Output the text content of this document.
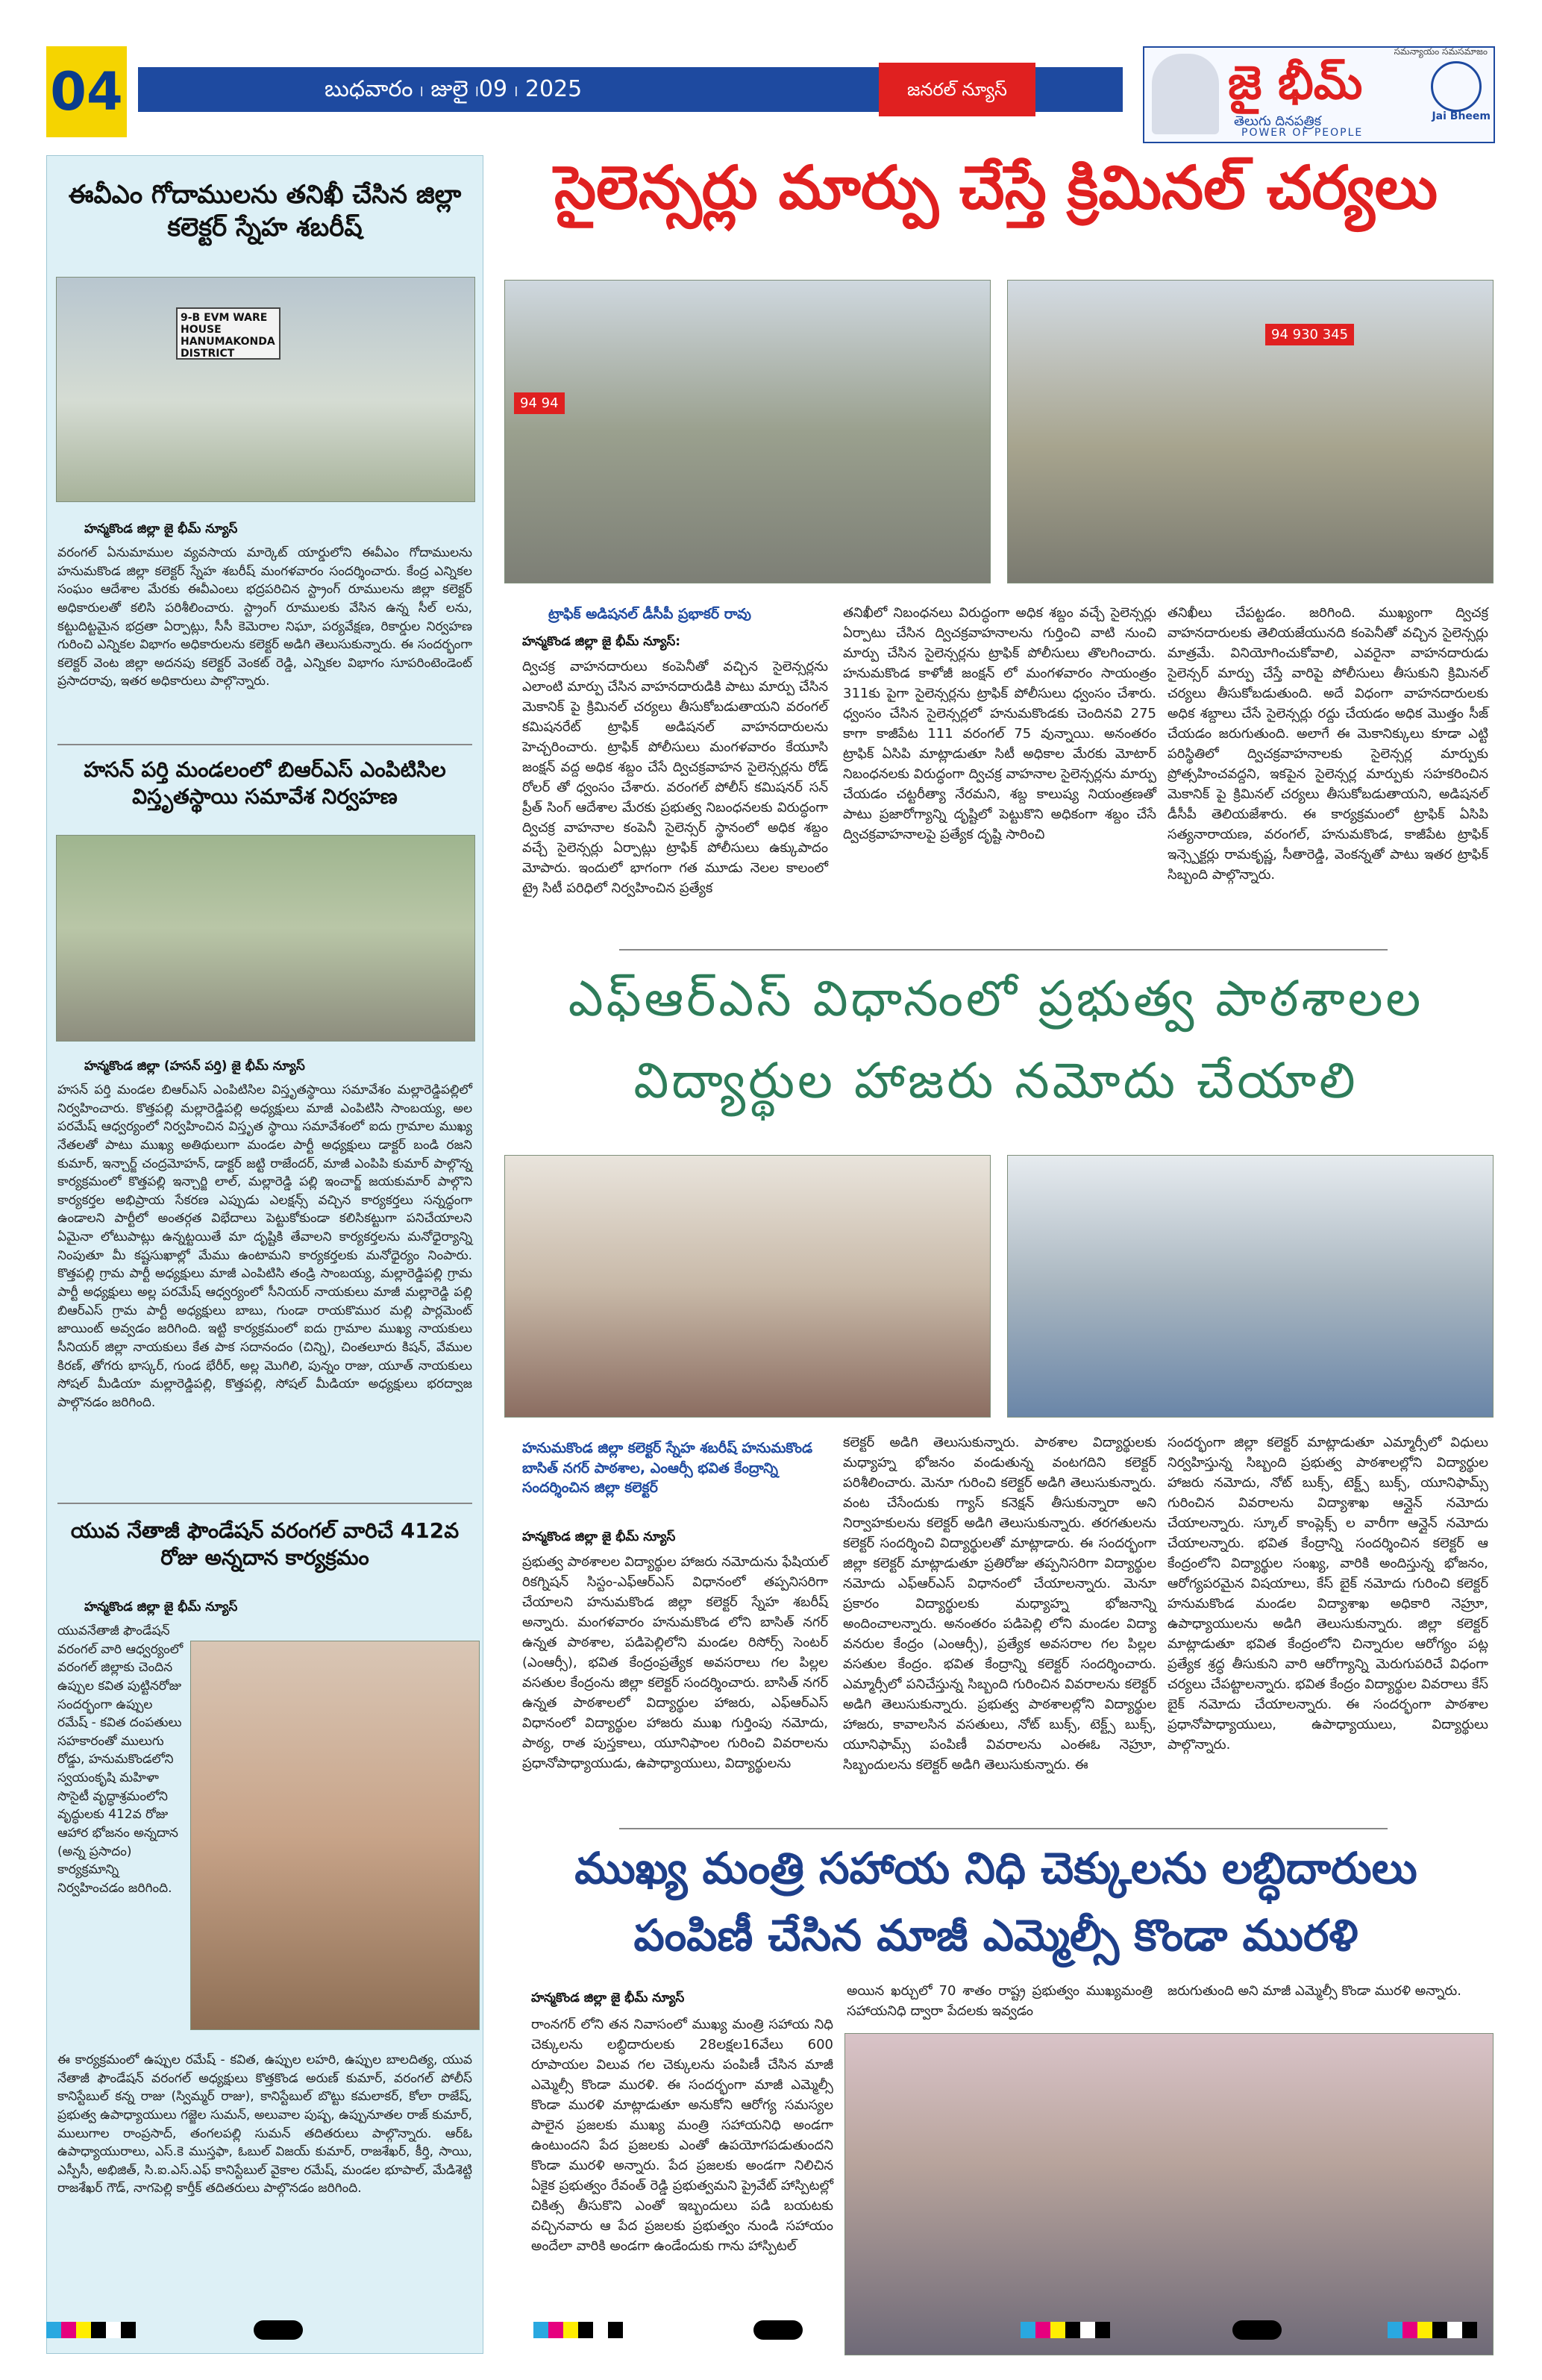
04	బుధవారం ၊ జులై ၊09 ၊ 2025	జనరల్ న్యూస్
సమన్యాయం సమసమాజం
జై భీమ్
తెలుగు దినపత్రిక
POWER OF PEOPLE
Jai Bheem
ఈవీఎం గోదాములను తనిఖీ చేసిన జిల్లా కలెక్టర్ స్నేహ శబరీష్
9-B EVM WARE HOUSE HANUMAKONDA DISTRICT
హన్మకొండ జిల్లా జై భీమ్ న్యూస్
వరంగల్ ఏనుమాముల వ్యవసాయ మార్కెట్ యార్డులోని ఈవీఎం గోదాములను హనుమకొండ జిల్లా కలెక్టర్ స్నేహ శబరీష్ మంగళవారం సందర్శించారు. కేంద్ర ఎన్నికల సంఘం ఆదేశాల మేరకు ఈవీఎంలు భద్రపరిచిన స్ట్రాంగ్ రూములను జిల్లా కలెక్టర్ అధికారులతో కలిసి పరిశీలించారు. స్ట్రాంగ్ రూములకు వేసిన ఉన్న సీల్ లను, కట్టుదిట్టమైన భద్రతా ఏర్పాట్లు, సీసీ కెమెరాల నిఘా, పర్యవేక్షణ, రికార్డుల నిర్వహణ గురించి ఎన్నికల విభాగం అధికారులను కలెక్టర్ అడిగి తెలుసుకున్నారు. ఈ సందర్భంగా కలెక్టర్ వెంట జిల్లా అదనపు కలెక్టర్ వెంకట్ రెడ్డి, ఎన్నికల విభాగం సూపరింటెండెంట్ ప్రసాదరావు, ఇతర అధికారులు పాల్గొన్నారు.
హసన్ పర్తి మండలంలో బిఆర్ఎస్ ఎంపిటిసిల విస్తృతస్థాయి సమావేశ నిర్వహణ
హన్మకొండ జిల్లా (హసన్ పర్తి) జై భీమ్ న్యూస్
హసన్ పర్తి మండల బిఆర్ఎస్ ఎంపిటిసిల విస్తృతస్థాయి సమావేశం మల్లారెడ్డిపల్లిలో నిర్వహించారు. కొత్తపల్లి మల్లారెడ్డిపల్లి అధ్యక్షులు మాజీ ఎంపిటిసి సాంబయ్య, అల పరమేష్ ఆధ్వర్యంలో నిర్వహించిన విస్తృత స్థాయి సమావేశంలో ఐదు గ్రామాల ముఖ్య నేతలతో పాటు ముఖ్య అతిథులుగా మండల పార్టీ అధ్యక్షులు డాక్టర్ బండి రజని కుమార్, ఇన్చార్జ్ చంద్రమోహన్, డాక్టర్ జట్టి రాజేందర్, మాజీ ఎంపిపి కుమార్ పాల్గొన్న కార్యక్రమంలో కొత్తపల్లి ఇన్చార్జి లాల్, మల్లారెడ్డి పల్లి ఇంచార్జ్ జయకుమార్ పాల్గొని కార్యకర్తల అభిప్రాయ సేకరణ ఎప్పుడు ఎలక్షన్స్ వచ్చిన కార్యకర్తలు సన్నద్ధంగా ఉండాలని పార్టీలో అంతర్గత విభేదాలు పెట్టుకోకుండా కలిసికట్టుగా పనిచేయాలని ఏమైనా లోటుపాట్లు ఉన్నట్టయితే మా దృష్టికి తేవాలని కార్యకర్తలను మనోధైర్యాన్ని నింపుతూ మీ కష్టసుఖాల్లో మేము ఉంటామని కార్యకర్తలకు మనోధైర్యం నింపారు. కొత్తపల్లి గ్రామ పార్టీ అధ్యక్షులు మాజీ ఎంపిటిసి తండ్రి సాంబయ్య, మల్లారెడ్డిపల్లి గ్రామ పార్టీ అధ్యక్షులు అల్ల పరమేష్ ఆధ్వర్యంలో సీనియర్ నాయకులు మాజీ మల్లారెడ్డి పల్లి బిఆర్ఎస్ గ్రామ పార్టీ అధ్యక్షులు బాబు, గుండా రాయకొముర మల్లి పార్లమెంట్ జాయింట్ అవ్వడం జరిగింది. ఇట్టి కార్యక్రమంలో ఐదు గ్రామాల ముఖ్య నాయకులు సీనియర్ జిల్లా నాయకులు కేత పాక సదానందం (చిన్ని), చింతలూరు కిషన్, వేముల కిరణ్, తోగరు భాస్కర్, గుండ భేరీర్, అల్ల మొగిలి, పున్నం రాజు, యూత్ నాయకులు సోషల్ మీడియా మల్లారెడ్డిపల్లి, కొత్తపల్లి, సోషల్ మీడియా అధ్యక్షులు భరద్వాజ పాల్గొనడం జరిగింది.
యువ నేతాజీ ఫౌండేషన్ వరంగల్ వారిచే 412వ రోజు అన్నదాన కార్యక్రమం
హన్మకొండ జిల్లా జై భీమ్ న్యూస్
యువనేతాజీ ఫౌండేషన్ వరంగల్ వారి ఆధ్వర్యంలో వరంగల్ జిల్లాకు చెందిన ఉప్పుల కవిత పుట్టినరోజు సందర్భంగా ఉప్పుల రమేష్ - కవిత దంపతులు సహకారంతో ములుగు రోడ్డు, హనుమకొండలోని స్వయంకృషి మహిళా సొసైటీ వృద్ధాశ్రమంలోని వృద్ధులకు 412వ రోజు ఆహార భోజనం అన్నదాన (అన్న ప్రసాదం) కార్యక్రమాన్ని నిర్వహించడం జరిగింది.
ఈ కార్యక్రమంలో ఉప్పుల రమేష్ - కవిత, ఉప్పుల లహరి, ఉప్పుల బాలదిత్య, యువ నేతాజీ ఫౌండేషన్ వరంగల్ అధ్యక్షులు కొత్తకొండ అరుణ్ కుమార్, వరంగల్ పోలీస్ కానిస్టేబుల్ కన్న రాజు (స్విమ్మర్ రాజు), కానిస్టేబుల్ బొట్టు కమలాకర్, కోలా రాజేష్, ప్రభుత్వ ఉపాధ్యాయులు గజ్జెల సుమన్, అలువాల పుష్ప, ఉప్పునూతల రాజ్ కుమార్, ములుగాల రాంప్రసాద్, తంగలపల్లి సుమన్ తదితరులు పాల్గొన్నారు. ఆర్ఓ ఉపాధ్యాయురాలు, ఎస్.కె ముస్తఫా, ఓబుల్ విజయ్ కుమార్, రాజశేఖర్, కీర్తి, సాయి, ఎస్పీసీ, అభిజిత్, సి.ఐ.ఎస్.ఎఫ్ కానిస్టేబుల్ వైకాల రమేష్, మండల భూపాల్, మేడిశెట్టి రాజశేఖర్ గౌడ్, నాగపెల్లి కార్తీక్ తదితరులు పాల్గొనడం జరిగింది.
సైలెన్సర్లు మార్పు చేస్తే క్రిమినల్ చర్యలు
94 94
94 930 345
ట్రాఫిక్ అడిషనల్ డీసీపీ ప్రభాకర్ రావు
హన్మకొండ జిల్లా జై భీమ్ న్యూస్:
ద్విచక్ర వాహనదారులు కంపెనీతో వచ్చిన సైలెన్సర్లను ఎలాంటి మార్పు చేసిన వాహనదారుడికి పాటు మార్పు చేసిన మెకానిక్ పై క్రిమినల్ చర్యలు తీసుకోబడుతాయని వరంగల్ కమిషనరేట్ ట్రాఫిక్ అడిషనల్ వాహనదారులను హెచ్చరించారు. ట్రాఫిక్ పోలీసులు మంగళవారం కేయూసి జంక్షన్ వద్ద అధిక శబ్దం చేసే ద్విచక్రవాహన సైలెన్సర్లను రోడ్ రోలర్ తో ధ్వంసం చేశారు. వరంగల్ పోలీస్ కమిషనర్ సన్ ప్రీత్ సింగ్ ఆదేశాల మేరకు ప్రభుత్వ నిబంధనలకు విరుద్ధంగా ద్విచక్ర వాహనాల కంపెనీ సైలెన్సర్ స్థానంలో అధిక శబ్దం వచ్చే సైలెన్సర్లు ఏర్పాట్లు ట్రాఫిక్ పోలీసులు ఉక్కుపాదం మోపారు. ఇందులో భాగంగా గత మూడు నెలల కాలంలో ట్రై సిటీ పరిధిలో నిర్వహించిన ప్రత్యేక
తనిఖీలో నిబంధనలు విరుద్ధంగా అధిక శబ్దం వచ్చే సైలెన్సర్లు ఏర్పాటు చేసిన ద్విచక్రవాహనాలను గుర్తించి వాటి నుంచి మార్పు చేసిన సైలెన్సర్లను ట్రాఫిక్ పోలీసులు తొలగించారు. హనుమకొండ కాళోజీ జంక్షన్ లో మంగళవారం సాయంత్రం 311కు పైగా సైలెన్సర్లను ట్రాఫిక్ పోలీసులు ధ్వంసం చేశారు. ధ్వంసం చేసిన సైలెన్సర్లలో హనుమకొండకు చెందినవి 275 కాగా కాజీపేట 111 వరంగల్ 75 వున్నాయి. అనంతరం ట్రాఫిక్ ఏసిపి మాట్లాడుతూ సిటీ అధికాల మేరకు మోటార్ నిబంధనలకు విరుద్ధంగా ద్విచక్ర వాహనాల సైలెన్సర్లను మార్పు చేయడం చట్టరీత్యా నేరమని, శబ్ద కాలుష్య నియంత్రణతో పాటు ప్రజారోగ్యాన్ని దృష్టిలో పెట్టుకొని అధికంగా శబ్దం చేసే ద్విచక్రవాహనాలపై ప్రత్యేక దృష్టి సారించి
తనిఖీలు చేపట్టడం. జరిగింది. ముఖ్యంగా ద్విచక్ర వాహనదారులకు తెలియజేయునది కంపెనీతో వచ్చిన సైలెన్సర్లు మాత్రమే. వినియోగించుకోవాలి, ఎవరైనా వాహనదారుడు సైలెన్సర్ మార్పు చేస్తే వారిపై పోలీసులు తీసుకుని క్రిమినల్ చర్యలు తీసుకోబడుతుంది. అదే విధంగా వాహనదారులకు అధిక శబ్దాలు చేసే సైలెన్సర్లు రద్దు చేయడం అధిక మొత్తం సీజ్ చేయడం జరుగుతుంది. అలాగే ఈ మెకానిక్కులు కూడా ఎట్టి పరిస్థితిలో ద్విచక్రవాహనాలకు సైలెన్సర్ల మార్పుకు ప్రోత్సహించవద్దని, ఇకపైన సైలెన్సర్ల మార్పుకు సహకరించిన మెకానిక్ పై క్రిమినల్ చర్యలు తీసుకోబడుతాయని, అడిషనల్ డీసీపీ తెలియజేశారు. ఈ కార్యక్రమంలో ట్రాఫిక్ ఏసిపి సత్యనారాయణ, వరంగల్, హనుమకొండ, కాజీపేట ట్రాఫిక్ ఇన్స్పెక్టర్లు రామకృష్ణ, సీతారెడ్డి, వెంకన్నతో పాటు ఇతర ట్రాఫిక్ సిబ్బంది పాల్గొన్నారు.
ఎఫ్ఆర్ఎస్ విధానంలో ప్రభుత్వ పాఠశాలల
విద్యార్థుల హాజరు నమోదు చేయాలి
హనుమకొండ జిల్లా కలెక్టర్ స్నేహ శబరీష్ హనుమకొండ బాసిత్ నగర్ పాఠశాల, ఎంఆర్సీ భవిత కేంద్రాన్ని సందర్శించిన జిల్లా కలెక్టర్
హన్మకొండ జిల్లా జై భీమ్ న్యూస్
ప్రభుత్వ పాఠశాలల విద్యార్థుల హాజరు నమోదును ఫేషియల్ రికగ్నిషన్ సిస్టం-ఎఫ్ఆర్ఎస్ విధానంలో తప్పనిసరిగా చేయాలని హనుమకొండ జిల్లా కలెక్టర్ స్నేహ శబరీష్ అన్నారు. మంగళవారం హనుమకొండ లోని బాసిత్ నగర్ ఉన్నత పాఠశాల, పడిపెల్లిలోని మండల రిసోర్స్ సెంటర్ (ఎంఆర్సీ), భవిత కేంద్రంప్రత్యేక అవసరాలు గల పిల్లల వసతుల కేంద్రంను జిల్లా కలెక్టర్ సందర్శించారు. బాసిత్ నగర్ ఉన్నత పాఠశాలలో విద్యార్థుల హాజరు, ఎఫ్ఆర్ఎస్ విధానంలో విద్యార్థుల హాజరు ముఖ గుర్తింపు నమోదు, పాఠ్య, రాత పుస్తకాలు, యూనిఫాంల గురించి వివరాలను ప్రధానోపాధ్యాయుడు, ఉపాధ్యాయులు, విద్యార్థులను
కలెక్టర్ అడిగి తెలుసుకున్నారు. పాఠశాల విద్యార్థులకు మధ్యాహ్న భోజనం వండుతున్న వంటగదిని కలెక్టర్ పరిశీలించారు. మెనూ గురించి కలెక్టర్ అడిగి తెలుసుకున్నారు. వంట చేసేందుకు గ్యాస్ కనెక్షన్ తీసుకున్నారా అని నిర్వాహకులను కలెక్టర్ అడిగి తెలుసుకున్నారు. తరగతులను కలెక్టర్ సందర్శించి విద్యార్థులతో మాట్లాడారు. ఈ సందర్భంగా జిల్లా కలెక్టర్ మాట్లాడుతూ ప్రతిరోజు తప్పనిసరిగా విద్యార్థుల నమోదు ఎఫ్ఆర్ఎస్ విధానంలో చేయాలన్నారు. మెనూ ప్రకారం విద్యార్థులకు మధ్యాహ్న భోజనాన్ని అందించాలన్నారు. అనంతరం పడిపెల్లి లోని మండల విద్యా వనరుల కేంద్రం (ఎంఆర్సీ), ప్రత్యేక అవసరాల గల పిల్లల వసతుల కేంద్రం. భవిత కేంద్రాన్ని కలెక్టర్ సందర్శించారు. ఎమ్మార్సీలో పనిచేస్తున్న సిబ్బంది గురించిన వివరాలను కలెక్టర్ అడిగి తెలుసుకున్నారు. ప్రభుత్వ పాఠశాలల్లోని విద్యార్థుల హాజరు, కావాలసిన వసతులు, నోట్ బుక్స్, టెక్ట్స్ బుక్స్, యూనిఫామ్స్ పంపిణీ వివరాలను ఎంఈఓ నెహ్రూ, సిబ్బందులను కలెక్టర్ అడిగి తెలుసుకున్నారు. ఈ
సందర్భంగా జిల్లా కలెక్టర్ మాట్లాడుతూ ఎమ్మార్సీలో విధులు నిర్వహిస్తున్న సిబ్బంది ప్రభుత్వ పాఠశాలల్లోని విద్యార్థుల హాజరు నమోదు, నోట్ బుక్స్, టెక్ట్స్ బుక్స్, యూనిఫామ్స్ గురించిన వివరాలను విద్యాశాఖ ఆన్లైన్ నమోదు చేయాలన్నారు. స్కూల్ కాంప్లెక్స్ ల వారీగా ఆన్లైన్ నమోదు చేయాలన్నారు. భవిత కేంద్రాన్ని సందర్శించిన కలెక్టర్ ఆ కేంద్రంలోని విద్యార్థుల సంఖ్య, వారికి అందిస్తున్న భోజనం, ఆరోగ్యపరమైన విషయాలు, కేస్ బైక్ నమోదు గురించి కలెక్టర్ హనుమకొండ మండల విద్యాశాఖ అధికారి నెహ్రూ, ఉపాధ్యాయులను అడిగి తెలుసుకున్నారు. జిల్లా కలెక్టర్ మాట్లాడుతూ భవిత కేంద్రంలోని చిన్నారుల ఆరోగ్యం పట్ల ప్రత్యేక శ్రద్ధ తీసుకుని వారి ఆరోగ్యాన్ని మెరుగుపరిచే విధంగా చర్యలు చేపట్టాలన్నారు. భవిత కేంద్రం విద్యార్థుల వివరాలు కేస్ బైక్ నమోదు చేయాలన్నారు. ఈ సందర్భంగా పాఠశాల ప్రధానోపాధ్యాయులు, ఉపాధ్యాయులు, విద్యార్థులు పాల్గొన్నారు.
ముఖ్య మంత్రి సహాయ నిధి చెక్కులను లబ్ధిదారులు
పంపిణీ చేసిన మాజీ ఎమ్మెల్సీ కొండా మురళి
హన్మకొండ జిల్లా జై భీమ్ న్యూస్
రాంనగర్ లోని తన నివాసంలో ముఖ్య మంత్రి సహాయ నిధి చెక్కులను లబ్ధిదారులకు 28లక్షల16వేలు 600 రూపాయల విలువ గల చెక్కులను పంపిణీ చేసిన మాజీ ఎమ్మెల్సీ కొండా మురళి. ఈ సందర్భంగా మాజీ ఎమ్మెల్సీ కొండా మురళి మాట్లాడుతూ అనుకోని ఆరోగ్య సమస్యల పాలైన ప్రజలకు ముఖ్య మంత్రి సహాయనిధి అండగా ఉంటుందని పేద ప్రజలకు ఎంతో ఉపయోగపడుతుందని కొండా మురళి అన్నారు. పేద ప్రజలకు అండగా నిలిచిన ఏకైక ప్రభుత్వం రేవంత్ రెడ్డి ప్రభుత్వమని ప్రైవేట్ హాస్పిటల్లో చికిత్స తీసుకొని ఎంతో ఇబ్బందులు పడి బయటకు వచ్చినవారు ఆ పేద ప్రజలకు ప్రభుత్వం నుండి సహాయం అందేలా వారికి అండగా ఉండేందుకు గాను హాస్పిటల్
అయిన ఖర్చులో 70 శాతం రాష్ట్ర ప్రభుత్వం ముఖ్యమంత్రి సహాయనిధి ద్వారా పేదలకు ఇవ్వడం
జరుగుతుంది అని మాజీ ఎమ్మెల్సీ కొండా మురళి అన్నారు.
